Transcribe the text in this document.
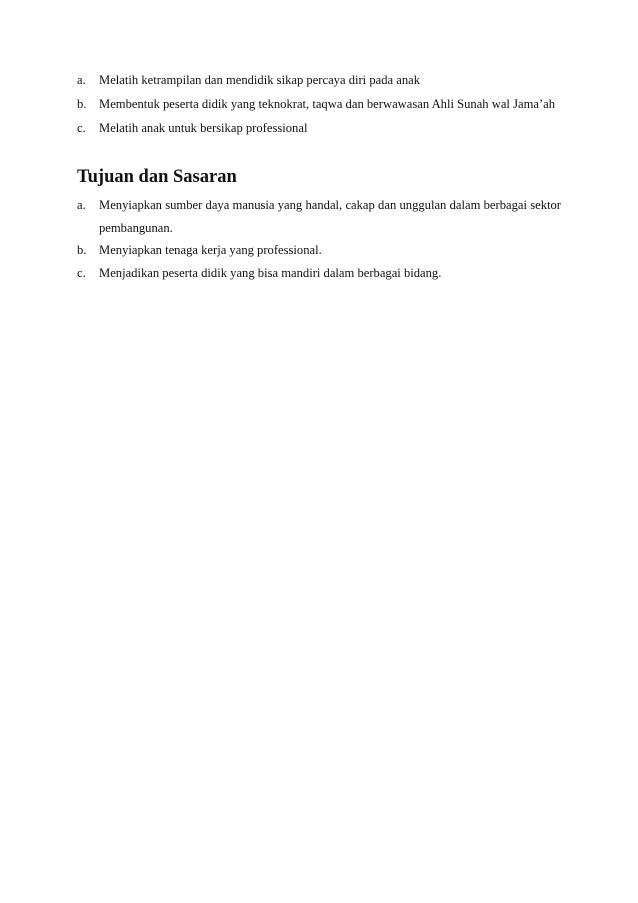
a. Melatih ketrampilan dan mendidik sikap percaya diri pada anak
b. Membentuk peserta didik yang teknokrat, taqwa dan berwawasan Ahli Sunah wal Jama’ah
c. Melatih anak untuk bersikap professional
Tujuan dan Sasaran
a. Menyiapkan sumber daya manusia yang handal, cakap dan unggulan dalam berbagai sektor pembangunan.
b. Menyiapkan tenaga kerja yang professional.
c. Menjadikan peserta didik yang bisa mandiri dalam berbagai bidang.
